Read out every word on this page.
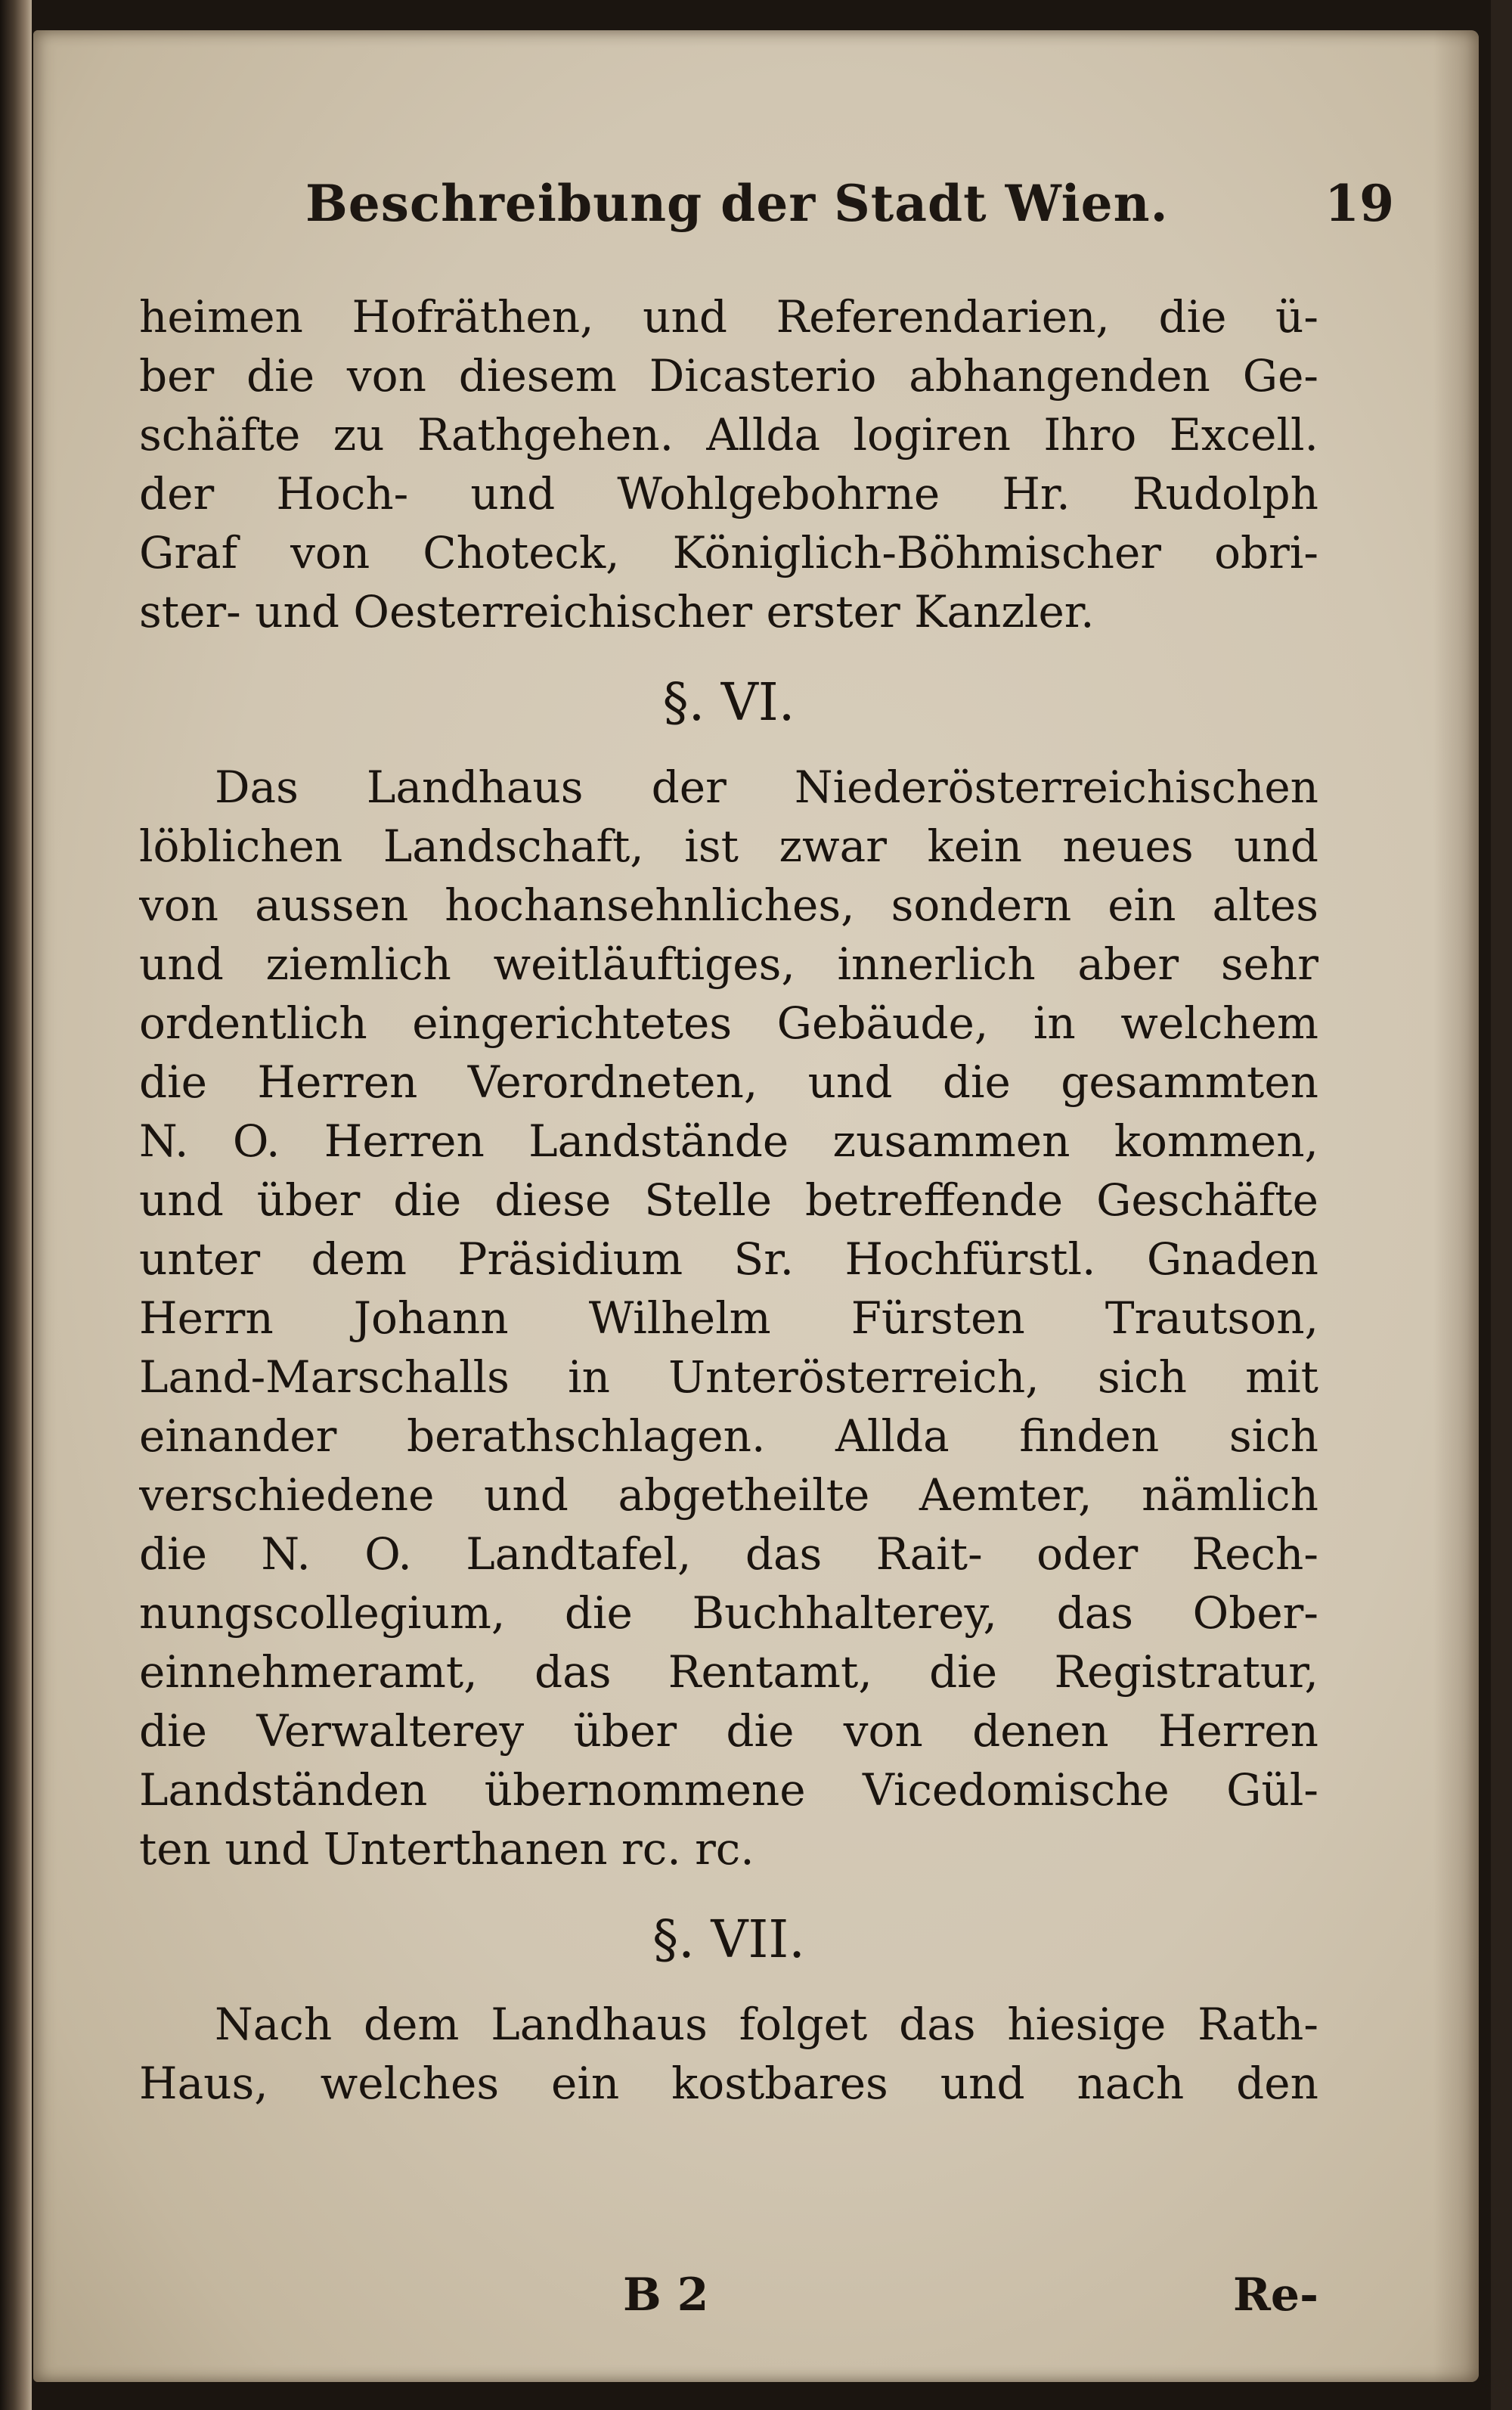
Beschreibung der Stadt Wien.	19
heimen Hofräthen, und Referendarien, die ü-
ber die von diesem Dicasterio abhangenden Ge-
schäfte zu Rathgehen. Allda logiren Ihro Excell.
der Hoch- und Wohlgebohrne Hr. Rudolph
Graf von Choteck, Königlich-Böhmischer obri-
ster- und Oesterreichischer erster Kanzler.
§. VI.
Das Landhaus der Niederösterreichischen
löblichen Landschaft, ist zwar kein neues und
von aussen hochansehnliches, sondern ein altes
und ziemlich weitläuftiges, innerlich aber sehr
ordentlich eingerichtetes Gebäude, in welchem
die Herren Verordneten, und die gesammten
N. O. Herren Landstände zusammen kommen,
und über die diese Stelle betreffende Geschäfte
unter dem Präsidium Sr. Hochfürstl. Gnaden
Herrn Johann Wilhelm Fürsten Trautson,
Land-Marschalls in Unterösterreich, sich mit
einander berathschlagen. Allda finden sich
verschiedene und abgetheilte Aemter, nämlich
die N. O. Landtafel, das Rait- oder Rech-
nungscollegium, die Buchhalterey, das Ober-
einnehmeramt, das Rentamt, die Registratur,
die Verwalterey über die von denen Herren
Landständen übernommene Vicedomische Gül-
ten und Unterthanen rc. rc.
§. VII.
Nach dem Landhaus folget das hiesige Rath-
Haus, welches ein kostbares und nach den
B 2	Re-
